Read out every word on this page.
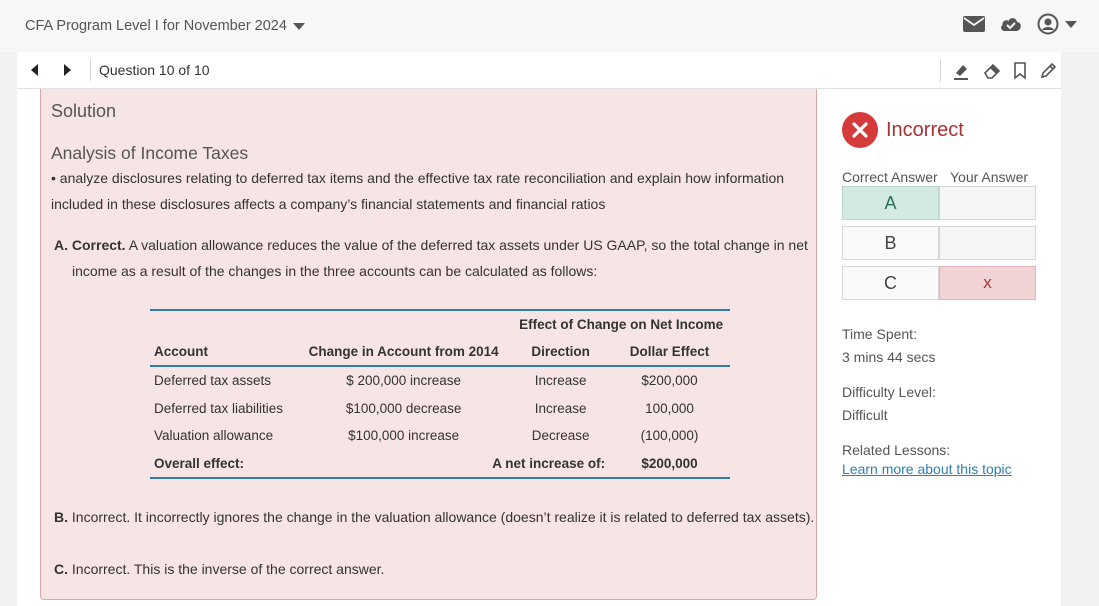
CFA Program Level I for November 2024
Question 10 of 10
Solution
Analysis of Income Taxes
• analyze disclosures relating to deferred tax items and the effective tax rate reconciliation and explain how information included in these disclosures affects a company’s financial statements and financial ratios
A. Correct. A valuation allowance reduces the value of the deferred tax assets under US GAAP, so the total change in net income as a result of the changes in the three accounts can be calculated as follows:
		Effect of Change on Net Income	
Account	Change in Account from 2014	Direction	Dollar Effect
Deferred tax assets	$ 200,000 increase	Increase	$200,000
Deferred tax liabilities	$100,000 decrease	Increase	100,000
Valuation allowance	$100,000 increase	Decrease	(100,000)
Overall effect:	A net increase of:		$200,000
B. Incorrect. It incorrectly ignores the change in the valuation allowance (doesn’t realize it is related to deferred tax assets).
C. Incorrect. This is the inverse of the correct answer.
Incorrect
Correct Answer Your Answer
A
B
C	x
Time Spent:
3 mins 44 secs
Difficulty Level:
Difficult
Related Lessons:
Learn more about this topic
